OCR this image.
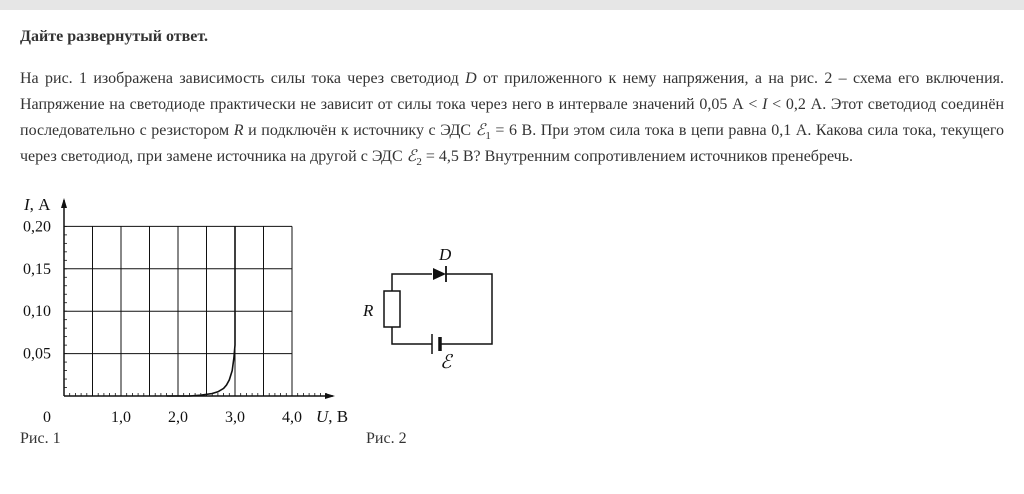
Дайте развернутый ответ.

На рис. 1 изображена зависимость силы тока через светодиод D от приложенного к нему напряжения, а на рис. 2 – схема его включения. Напряжение на светодиоде практически не зависит от силы тока через него в интервале значений 0,05 А < I < 0,2 А. Этот светодиод соединён последовательно с резистором R и подключён к источнику с ЭДС ℰ$_1$ = 6 В. При этом сила тока в цепи равна 0,1 А. Какова сила тока, текущего через светодиод, при замене источника на другой с ЭДС ℰ$_2$ = 4,5 В? Внутренним сопротивлением источников пренебречь.

0	1,0 2,0 3,0 4,0
0,05
0,10
0,15
0,20
I, А
U, В
D
R
ℰ
Рис. 1	Рис. 2
